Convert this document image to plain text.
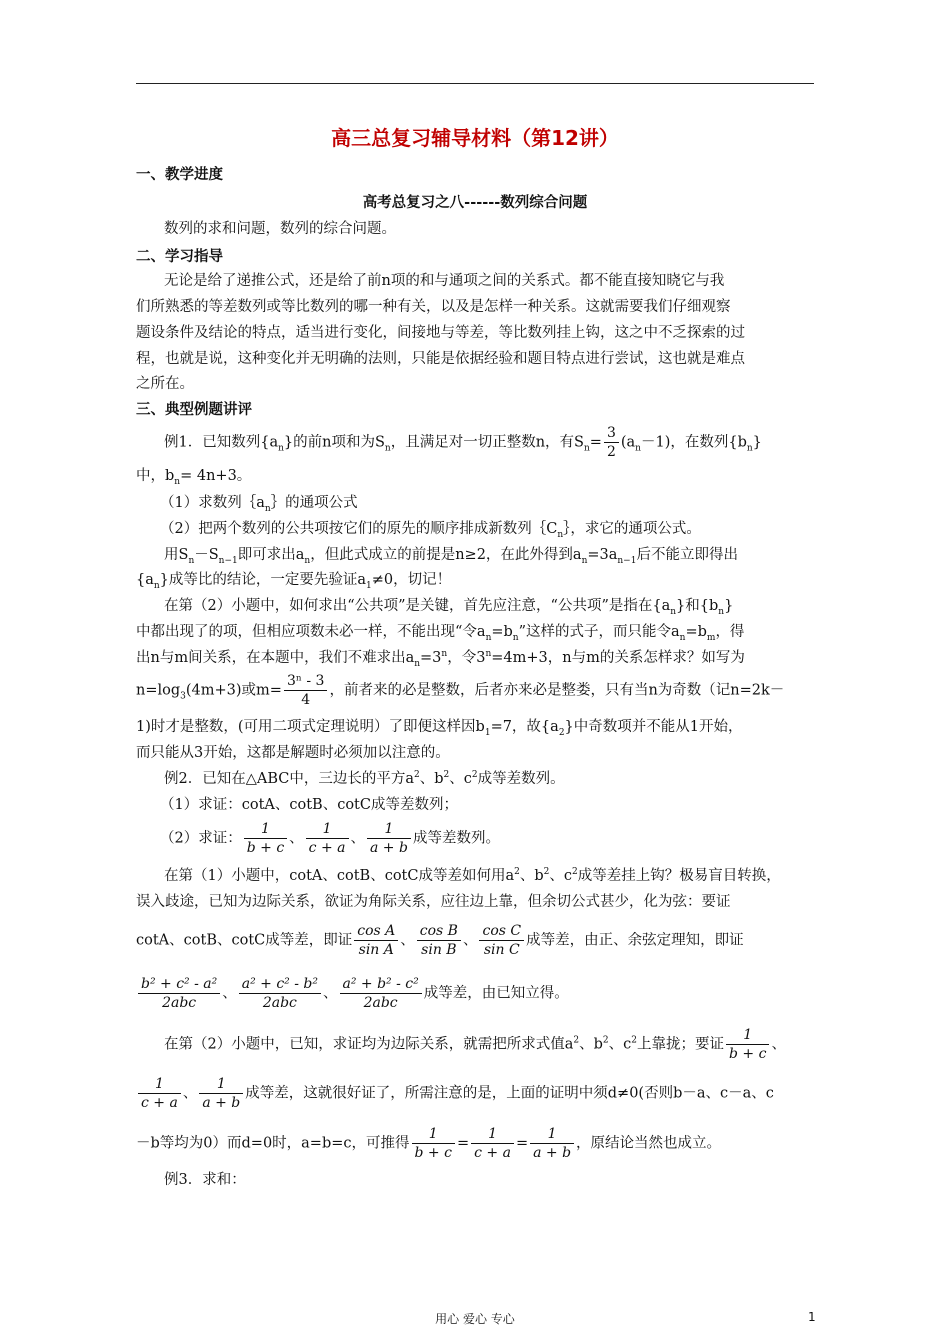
高三总复习辅导材料（第12讲）
一、教学进度
高考总复习之八------数列综合问题
数列的求和问题，数列的综合问题。
二、学习指导
无论是给了递推公式，还是给了前n项的和与通项之间的关系式。都不能直接知晓它与我
们所熟悉的等差数列或等比数列的哪一种有关，以及是怎样一种关系。这就需要我们仔细观察
题设条件及结论的特点，适当进行变化，间接地与等差，等比数列挂上钩，这之中不乏探索的过
程，也就是说，这种变化并无明确的法则，只能是依据经验和题目特点进行尝试，这也就是难点
之所在。
三、典型例题讲评
例1．已知数列$\{a_n\}$的前n项和为$S_n$，且满足对一切正整数n，有$S_n= \frac{3}{2} (a_n-1)$，在数列$\{b_n\}$
中，$b_n= 4n+3$。
（1）求数列$\{a_n\}$的通项公式
（2）把两个数列的公共项按它们的原先的顺序排成新数列$\{C_n\}$，求它的通项公式。
用$S_n-S_{n-1}$即可求出$a_n$，但此式成立的前提是n≥2，在此外得到$a_n=3a_{n-1}$后不能立即得出
$\{a_n\}$成等比的结论，一定要先验证$a_1\ne 0$，切记！
在第（2）小题中，如何求出“公共项”是关键，首先应注意，“公共项”是指在$\{a_n\}$和$\{b_n\}$
中都出现了的项，但相应项数未必一样，不能出现“令$a_n=b_n$”这样的式子，而只能令$a_n=b_m$，得
出n与m间关系，在本题中，我们不难求出$a_n=3^n$，令$3^n=4m+3$，n与m的关系怎样求？如写为
$n=\log_3(4m+3)$或$m= \frac{\text{3ⁿ - 3}}{4}$ ，前者来的必是整数，后者亦来必是整娄，只有当n为奇数（记n=2k－
1)时才是整数，(可用二项式定理说明）了即便这样因$b_1=7$，故$\{a_2\}$中奇数项并不能从1开始，
而只能从3开始，这都是解题时必须加以注意的。
例2．已知在△ABC中，三边长的平方$a^2$、$b^2$、$c^2$成等差数列。
（1）求证：cotA、cotB、cotC成等差数列；
（2）求证： $\frac{1}{b + c}$ 、 $\frac{1}{c + a}$ 、 $\frac{1}{a + b}$ 成等差数列。
在第（1）小题中，cotA、cotB、cotC成等差如何用$a^2$、$b^2$、$c^2$成等差挂上钩？极易盲目转换，
误入歧途，已知为边际关系，欲证为角际关系，应往边上靠，但余切公式甚少，化为弦：要证
cotA、cotB、cotC成等差，即证 $\frac{\text{cos A}}{\text{sin A}}$ 、 $\frac{\text{cos B}}{\text{sin B}}$ 、 $\frac{\text{cos C}}{\text{sin C}}$ 成等差，由正、余弦定理知，即证
$\frac{\text{b² + c² - a²}}{\text{2abc}}$ 、 $\frac{\text{a² + c² - b²}}{\text{2abc}}$ 、 $\frac{\text{a² + b² - c²}}{\text{2abc}}$ 成等差，由已知立得。
在第（2）小题中，已知，求证均为边际关系，就需把所求式值$a^2$、$b^2$、$c^2$上靠拢；要证 $\frac{1}{b + c}$ 、
$\frac{1}{c + a}$ 、 $\frac{1}{a + b}$ 成等差，这就很好证了，所需注意的是，上面的证明中须d≠0(否则b－a、c－a、c
－b等均为0）而d=0时，a=b=c，可推得 $\frac{1}{b + c} = \frac{1}{c + a} = \frac{1}{a + b}$ ，原结论当然也成立。
例3．求和：
用心 爱心 专心	1
